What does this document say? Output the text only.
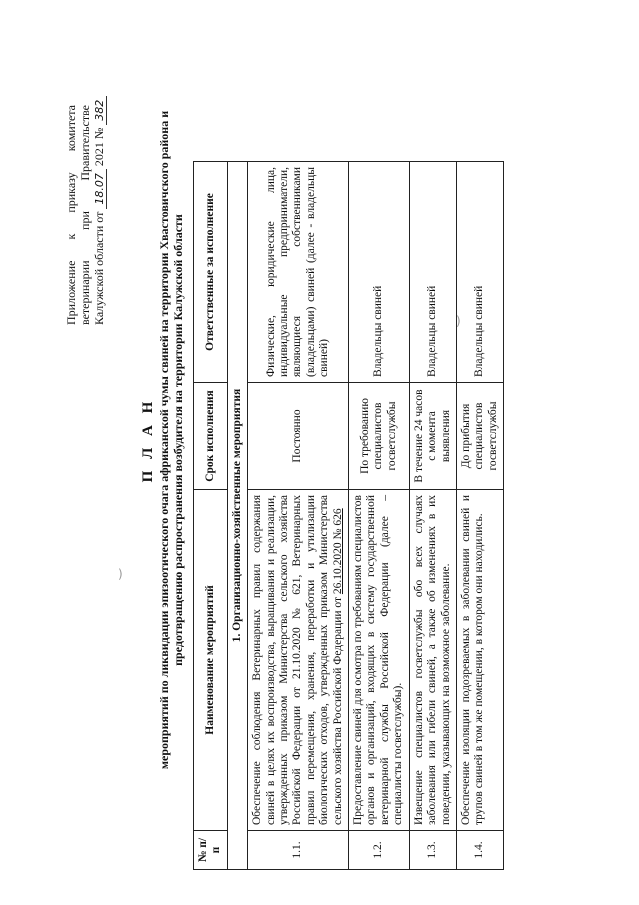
)
)
Приложение
к
приказу
комитета
ветеринарии
при
Правительстве
Калужской области от 18.07 2021 № 382
П Л А Н мероприятий по ликвидации эпизоотического очага африканской чумы свиней на территории Хвастовичского района и предотвращению распространения возбудителя на территории Калужской области
№ п/п	Наименование мероприятий	Срок исполнения	Ответственные за исполнение
1. Организационно-хозяйственные мероприятия			
1.1.	Обеспечение соблюдения Ветеринарных правил содержания свиней в целях их воспроизводства, выращивания и реализации, утвержденных приказом Министерства сельского хозяйства Российской Федерации от 21.10.2020 № 621, Ветеринарных правил перемещения, хранения, переработки и утилизации биологических отходов, утвержденных приказом Министерства сельского хозяйства Российской Федерации от 26.10.2020 № 626	Постоянно	Физические, юридические лица, индивидуальные предприниматели, являющиеся собственниками (владельцами) свиней (далее - владельцы свиней)
1.2.	Предоставление свиней для осмотра по требованиям специалистов органов и организаций, входящих в систему государственной ветеринарной службы Российской Федерации (далее – специалисты госветслужбы).	По требованию специалистов госветслужбы	Владельцы свиней
1.3.	Извещение специалистов госветслужбы обо всех случаях заболевания или гибели свиней, а также об изменениях в их поведении, указывающих на возможное заболевание.	В течение 24 часов с момента выявления	Владельцы свиней
1.4.	Обеспечение изоляции подозреваемых в заболевании свиней и трупов свиней в том же помещении, в котором они находились.	До прибытия специалистов госветслужбы	Владельцы свиней
